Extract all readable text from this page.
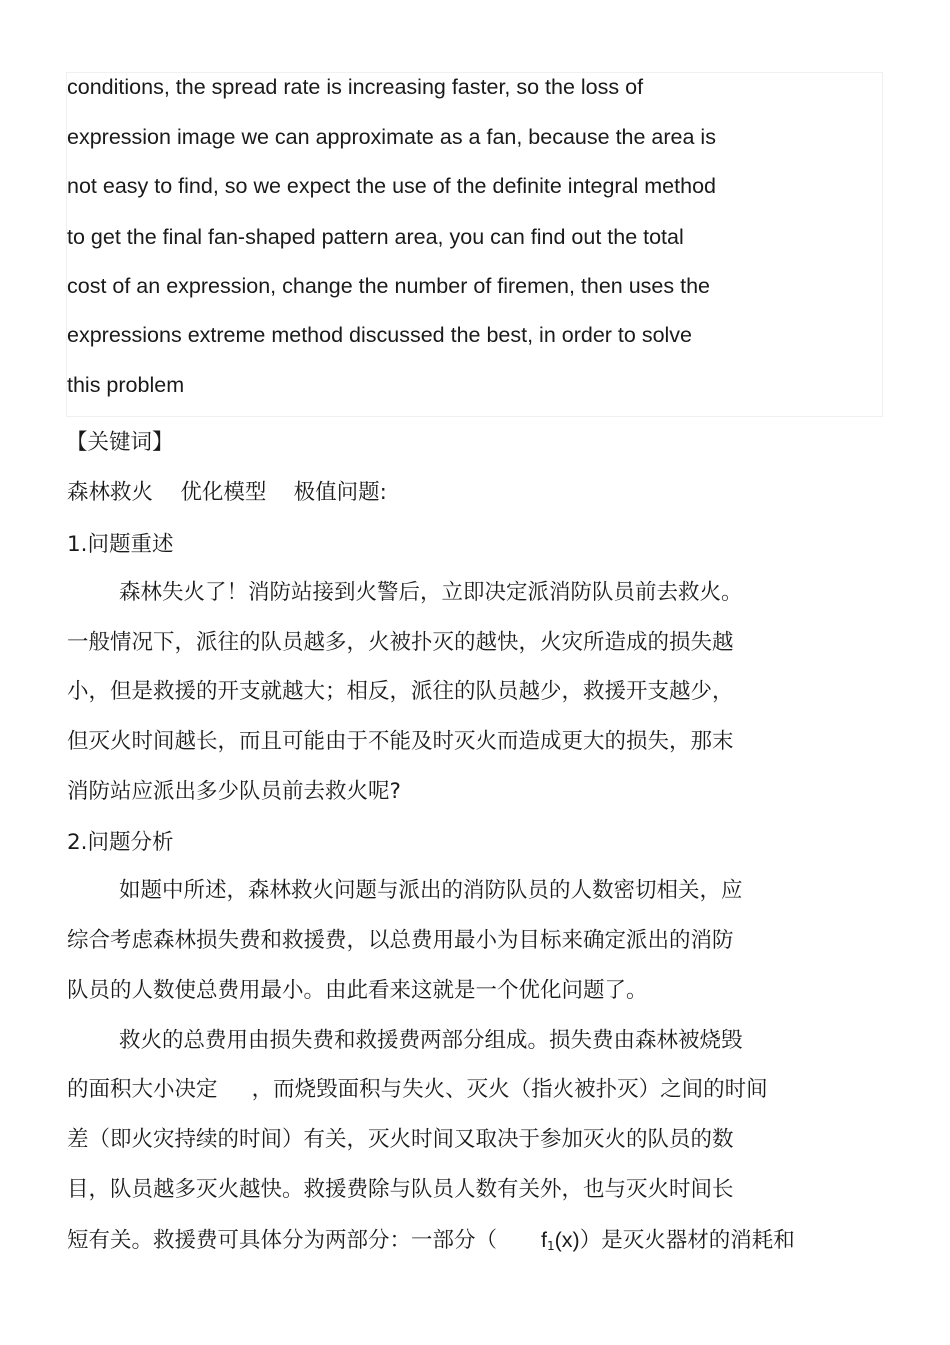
conditions, the spread rate is increasing faster, so the loss of

expression image we can approximate as a fan, because the area is

not easy to find, so we expect the use of the definite integral method

to get the final fan-shaped pattern area, you can find out the total

cost of an expression, change the number of firemen, then uses the

expressions extreme method discussed the best, in order to solve

this problem

【关键词】

森林救火    优化模型    极值问题:

1.问题重述

森林失火了！消防站接到火警后，立即决定派消防队员前去救火。

一般情况下，派往的队员越多，火被扑灭的越快，火灾所造成的损失越

小，但是救援的开支就越大；相反，派往的队员越少，救援开支越少，

但灭火时间越长，而且可能由于不能及时灭火而造成更大的损失，那末

消防站应派出多少队员前去救火呢?

2.问题分析

如题中所述，森林救火问题与派出的消防队员的人数密切相关，应

综合考虑森林损失费和救援费，以总费用最小为目标来确定派出的消防

队员的人数使总费用最小。由此看来这就是一个优化问题了。

救火的总费用由损失费和救援费两部分组成。损失费由森林被烧毁

的面积大小决定     ，而烧毁面积与失火、灭火（指火被扑灭）之间的时间

差（即火灾持续的时间）有关，灭火时间又取决于参加灭火的队员的数

目，队员越多灭火越快。救援费除与队员人数有关外，也与灭火时间长

短有关。救援费可具体分为两部分：一部分（ $f_1(x)$）是灭火器材的消耗和
